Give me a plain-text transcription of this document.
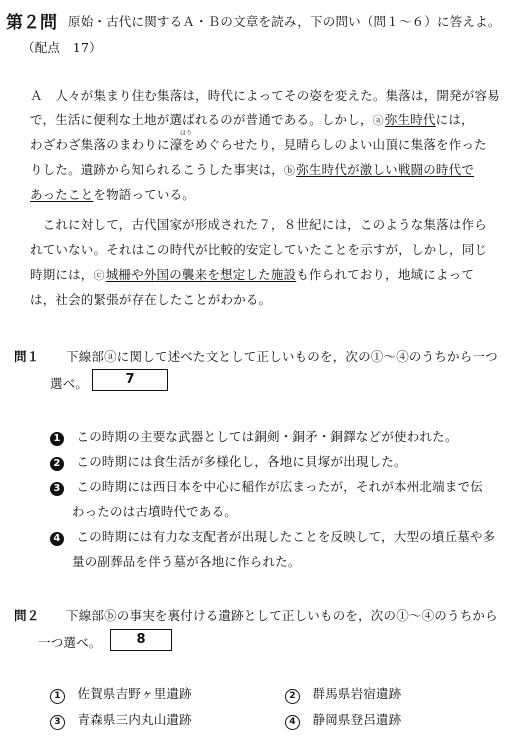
第２問 原始・古代に関するＡ・Ｂの文章を読み，下の問い（問１～６）に答えよ。
（配点　17）
Ａ　人々が集まり住む集落は，時代によってその姿を変えた。集落は，開発が容易
で，生活に便利な土地が選ばれるのが普通である。しかし，ⓐ弥生時代には，
ほり
わざわざ集落のまわりに濠をめぐらせたり，見晴らしのよい山頂に集落を作った
りした。遺跡から知られるこうした事実は，ⓑ弥生時代が激しい戦闘の時代で
あったことを物語っている。
　これに対して，古代国家が形成された７，８世紀には，このような集落は作ら
れていない。それはこの時代が比較的安定していたことを示すが，しかし，同じ
時期には，ⓒ城柵や外国の襲来を想定した施設も作られており，地域によって
は，社会的緊張が存在したことがわかる。
問１ 下線部ⓐに関して述べた文として正しいものを，次の①～④のうちから一つ
選べ。	7
1 この時期の主要な武器としては銅剣・銅矛・銅鐸などが使われた。
2 この時期には食生活が多様化し，各地に貝塚が出現した。
3 この時期には西日本を中心に稲作が広まったが，それが本州北端まで伝
わったのは古墳時代である。
4 この時期には有力な支配者が出現したことを反映して，大型の墳丘墓や多
量の副葬品を伴う墓が各地に作られた。
問２ 下線部ⓑの事実を裏付ける遺跡として正しいものを，次の①～④のうちから
一つ選べ。	8
1 佐賀県吉野ヶ里遺跡	2 群馬県岩宿遺跡
3 青森県三内丸山遺跡	4 静岡県登呂遺跡
